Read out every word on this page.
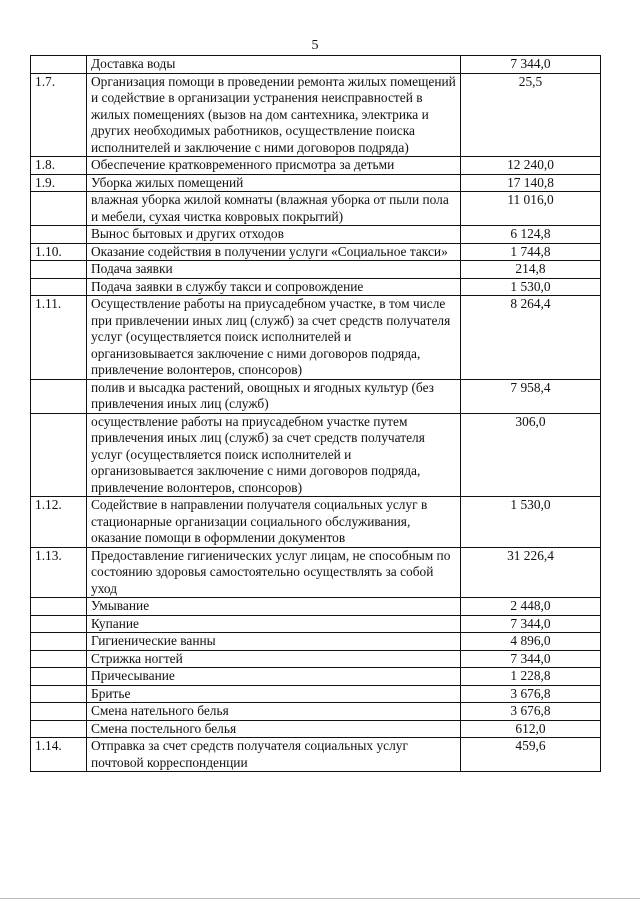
5
	Доставка воды	7 344,0
1.7.	Организация помощи в проведении ремонта жилых помещений и содействие в организации устранения неисправностей в жилых помещениях (вызов на дом сантехника, электрика и других необходимых работников, осуществление поиска исполнителей и заключение с ними договоров подряда)	25,5
1.8.	Обеспечение кратковременного присмотра за детьми	12 240,0
1.9.	Уборка жилых помещений	17 140,8
	влажная уборка жилой комнаты (влажная уборка от пыли пола и мебели, сухая чистка ковровых покрытий)	11 016,0
	Вынос бытовых и других отходов	6 124,8
1.10.	Оказание содействия в получении услуги «Социальное такси»	1 744,8
	Подача заявки	214,8
	Подача заявки в службу такси и сопровождение	1 530,0
1.11.	Осуществление работы на приусадебном участке, в том числе при привлечении иных лиц (служб) за счет средств получателя услуг (осуществляется поиск исполнителей и организовывается заключение с ними договоров подряда, привлечение волонтеров, спонсоров)	8 264,4
	полив и высадка растений, овощных и ягодных культур (без привлечения иных лиц (служб)	7 958,4
	осуществление работы на приусадебном участке путем привлечения иных лиц (служб) за счет средств получателя услуг (осуществляется поиск исполнителей и организовывается заключение с ними договоров подряда, привлечение волонтеров, спонсоров)	306,0
1.12.	Содействие в направлении получателя социальных услуг в стационарные организации социального обслуживания, оказание помощи в оформлении документов	1 530,0
1.13.	Предоставление гигиенических услуг лицам, не способным по состоянию здоровья самостоятельно осуществлять за собой уход	31 226,4
	Умывание	2 448,0
	Купание	7 344,0
	Гигиенические ванны	4 896,0
	Стрижка ногтей	7 344,0
	Причесывание	1 228,8
	Бритье	3 676,8
	Смена нательного белья	3 676,8
	Смена постельного белья	612,0
1.14.	Отправка за счет средств получателя социальных услуг почтовой корреспонденции	459,6
